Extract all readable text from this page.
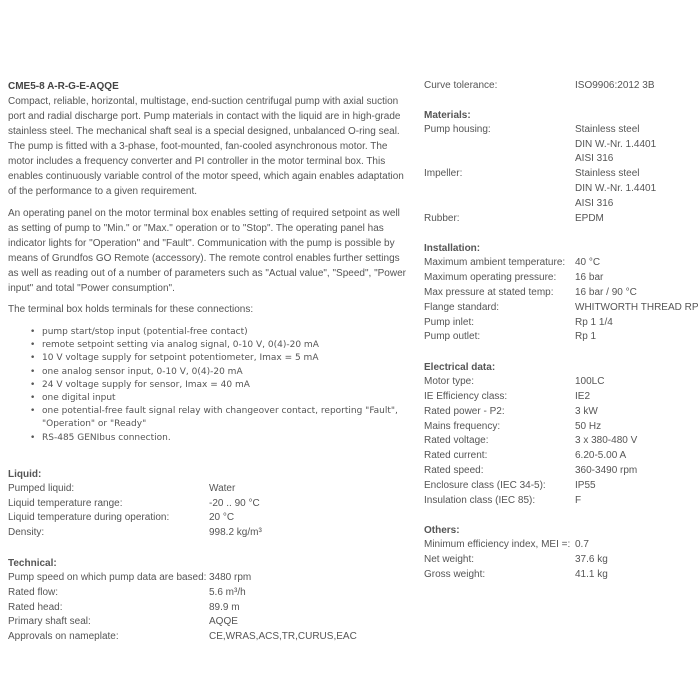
CME5-8 A-R-G-E-AQQE

Compact, reliable, horizontal, multistage, end-suction centrifugal pump with axial suction port and radial discharge port. Pump materials in contact with the liquid are in high-grade stainless steel. The mechanical shaft seal is a special designed, unbalanced O-ring seal. The pump is fitted with a 3-phase, foot-mounted, fan-cooled asynchronous motor. The motor includes a frequency converter and PI controller in the motor terminal box. This enables continuously variable control of the motor speed, which again enables adaptation of the performance to a given requirement.

An operating panel on the motor terminal box enables setting of required setpoint as well as setting of pump to "Min." or "Max." operation or to "Stop". The operating panel has indicator lights for "Operation" and "Fault". Communication with the pump is possible by means of Grundfos GO Remote (accessory). The remote control enables further settings as well as reading out of a number of parameters such as "Actual value", "Speed", "Power input" and total "Power consumption".

The terminal box holds terminals for these connections:

• pump start/stop input (potential-free contact)
• remote setpoint setting via analog signal, 0-10 V, 0(4)-20 mA
• 10 V voltage supply for setpoint potentiometer, Imax = 5 mA
• one analog sensor input, 0-10 V, 0(4)-20 mA
• 24 V voltage supply for sensor, Imax = 40 mA
• one digital input
• one potential-free fault signal relay with changeover contact, reporting "Fault",
"Operation" or "Ready"
• RS-485 GENIbus connection.
Liquid:
Pumped liquid:	Water
Liquid temperature range:	-20 .. 90 °C
Liquid temperature during operation:	20 °C
Density:	998.2 kg/m³
Technical:
Pump speed on which pump data are based: 3480 rpm
Rated flow:	5.6 m³/h
Rated head:	89.9 m
Primary shaft seal:	AQQE
Approvals on nameplate:	CE,WRAS,ACS,TR,CURUS,EAC
Curve tolerance:	ISO9906:2012 3B
Materials:
Pump housing:	Stainless steel
DIN W.-Nr. 1.4401
AISI 316
Impeller:	Stainless steel
DIN W.-Nr. 1.4401
AISI 316
Rubber:	EPDM
Installation:
Maximum ambient temperature: 40 °C
Maximum operating pressure:	16 bar
Max pressure at stated temp:	16 bar / 90 °C
Flange standard:	WHITWORTH THREAD RP
Pump inlet:	Rp 1 1/4
Pump outlet:	Rp 1
Electrical data:
Motor type:	100LC
IE Efficiency class:	IE2
Rated power - P2:	3 kW
Mains frequency:	50 Hz
Rated voltage:	3 x 380-480 V
Rated current:	6.20-5.00 A
Rated speed:	360-3490 rpm
Enclosure class (IEC 34-5):	IP55
Insulation class (IEC 85):	F
Others:
Minimum efficiency index, MEI =: 0.7
Net weight:	37.6 kg
Gross weight:	41.1 kg
